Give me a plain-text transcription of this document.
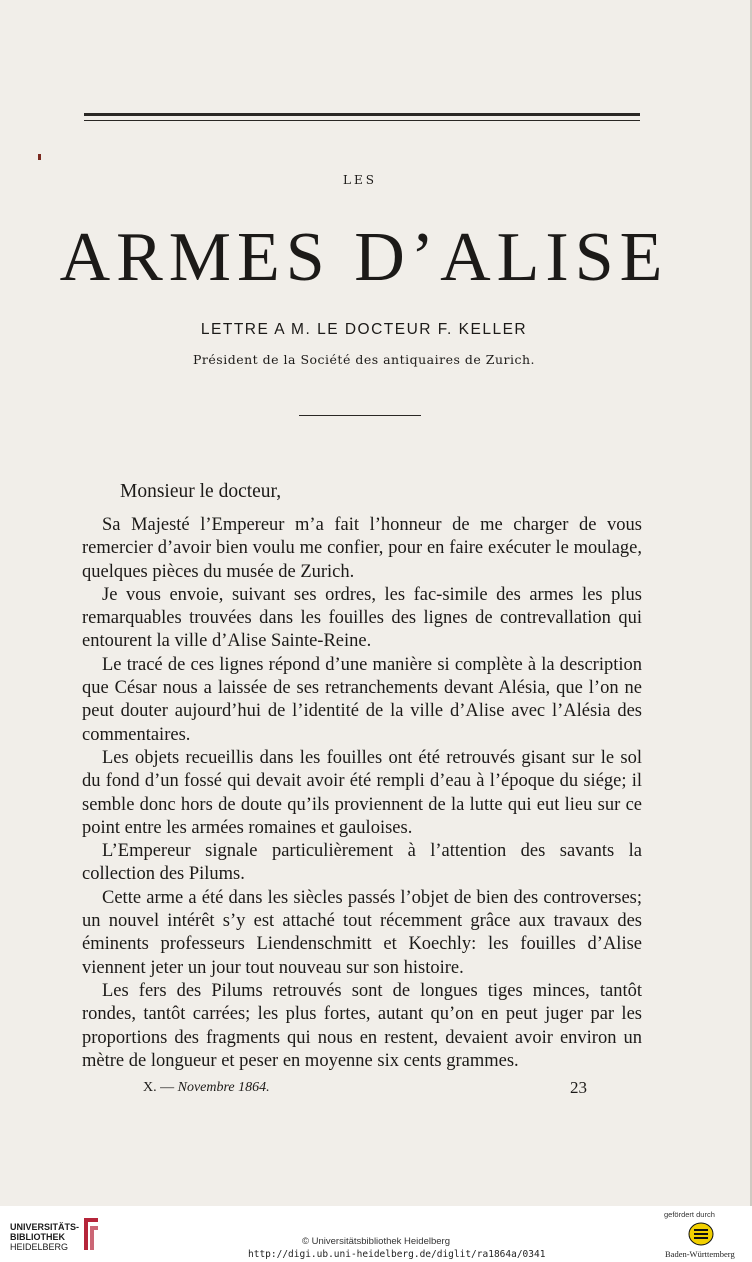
LES
ARMES D’ALISE
LETTRE A M. LE DOCTEUR F. KELLER
Président de la Société des antiquaires de Zurich.
Monsieur le docteur,

Sa Majesté l’Empereur m’a fait l’honneur de me charger de vous remercier d’avoir bien voulu me confier, pour en faire exécuter le moulage, quelques pièces du musée de Zurich.

Je vous envoie, suivant ses ordres, les fac-simile des armes les plus remarquables trouvées dans les fouilles des lignes de contrevallation qui entourent la ville d’Alise Sainte-Reine.

Le tracé de ces lignes répond d’une manière si complète à la description que César nous a laissée de ses retranchements devant Alésia, que l’on ne peut douter aujourd’hui de l’identité de la ville d’Alise avec l’Alésia des commentaires.

Les objets recueillis dans les fouilles ont été retrouvés gisant sur le sol du fond d’un fossé qui devait avoir été rempli d’eau à l’époque du siége; il semble donc hors de doute qu’ils proviennent de la lutte qui eut lieu sur ce point entre les armées romaines et gauloises.

L’Empereur signale particulièrement à l’attention des savants la collection des Pilums.

Cette arme a été dans les siècles passés l’objet de bien des controverses; un nouvel intérêt s’y est attaché tout récemment grâce aux travaux des éminents professeurs Liendenschmitt et Koechly: les fouilles d’Alise viennent jeter un jour tout nouveau sur son histoire.

Les fers des Pilums retrouvés sont de longues tiges minces, tantôt rondes, tantôt carrées; les plus fortes, autant qu’on en peut juger par les proportions des fragments qui nous en restent, devaient avoir environ un mètre de longueur et peser en moyenne six cents grammes.

X. — Novembre 1864.	23
UNIVERSITÄTS-
BIBLIOTHEK
HEIDELBERG	© Universitätsbibliothek Heidelberg
http://digi.ub.uni-heidelberg.de/diglit/ra1864a/0341
gefördert durch
Baden-Württemberg
